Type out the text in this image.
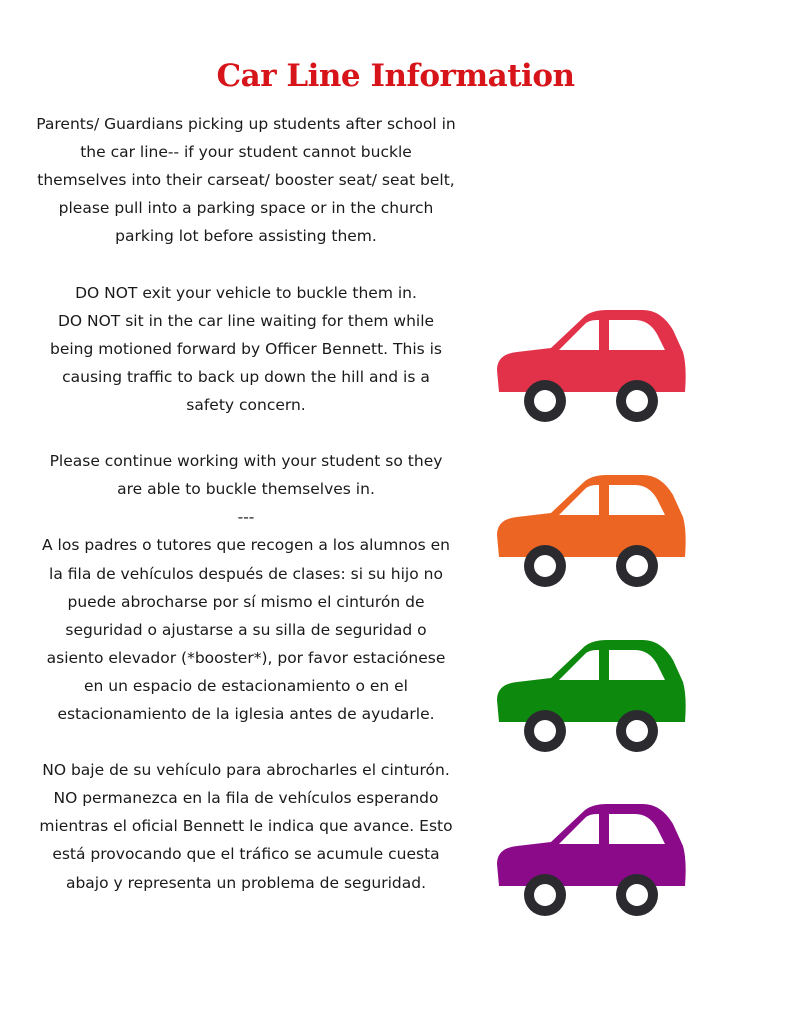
Car Line Information

Parents/ Guardians picking up students after school in the car line-- if your student cannot buckle themselves into their carseat/ booster seat/ seat belt, please pull into a parking space or in the church parking lot before assisting them.

DO NOT exit your vehicle to buckle them in.

DO NOT sit in the car line waiting for them while being motioned forward by Officer Bennett. This is causing traffic to back up down the hill and is a safety concern.

Please continue working with your student so they are able to buckle themselves in.

---

A los padres o tutores que recogen a los alumnos en la fila de vehículos después de clases: si su hijo no puede abrocharse por sí mismo el cinturón de seguridad o ajustarse a su silla de seguridad o asiento elevador (*booster*), por favor estaciónese en un espacio de estacionamiento o en el estacionamiento de la iglesia antes de ayudarle.

NO baje de su vehículo para abrocharles el cinturón.

NO permanezca en la fila de vehículos esperando mientras el oficial Bennett le indica que avance. Esto está provocando que el tráfico se acumule cuesta abajo y representa un problema de seguridad.
